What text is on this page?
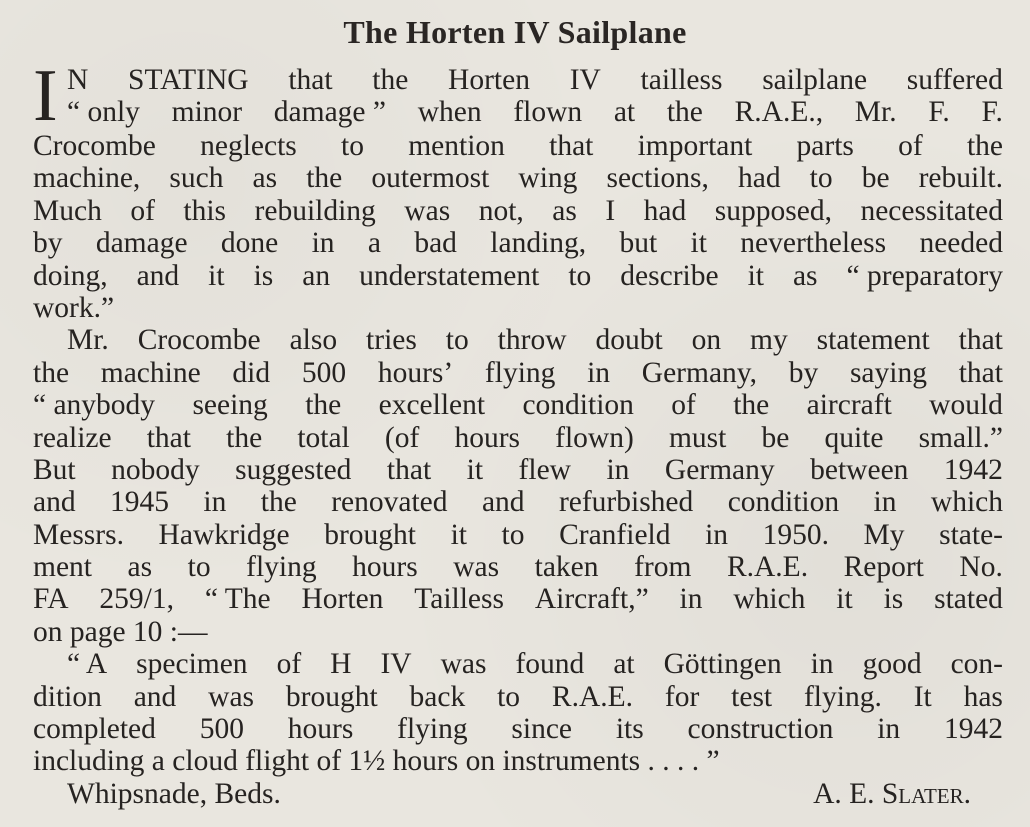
The Horten IV Sailplane
I N STATING that the Horten IV tailless sailplane suffered
“ only minor damage ” when flown at the R.A.E., Mr. F. F.
Crocombe neglects to mention that important parts of the
machine, such as the outermost wing sections, had to be rebuilt.
Much of this rebuilding was not, as I had supposed, necessitated
by damage done in a bad landing, but it nevertheless needed
doing, and it is an understatement to describe it as “ preparatory
work.”
Mr. Crocombe also tries to throw doubt on my statement that
the machine did 500 hours’ flying in Germany, by saying that
“ anybody seeing the excellent condition of the aircraft would
realize that the total (of hours flown) must be quite small.”
But nobody suggested that it flew in Germany between 1942
and 1945 in the renovated and refurbished condition in which
Messrs. Hawkridge brought it to Cranfield in 1950. My state-
ment as to flying hours was taken from R.A.E. Report No.
FA 259/1, “ The Horten Tailless Aircraft,” in which it is stated
on page 10 :—
“ A specimen of H IV was found at Göttingen in good con-
dition and was brought back to R.A.E. for test flying. It has
completed 500 hours flying since its construction in 1942
including a cloud flight of 1½ hours on instruments . . . . ”
Whipsnade, Beds.	A. E. Slater.
